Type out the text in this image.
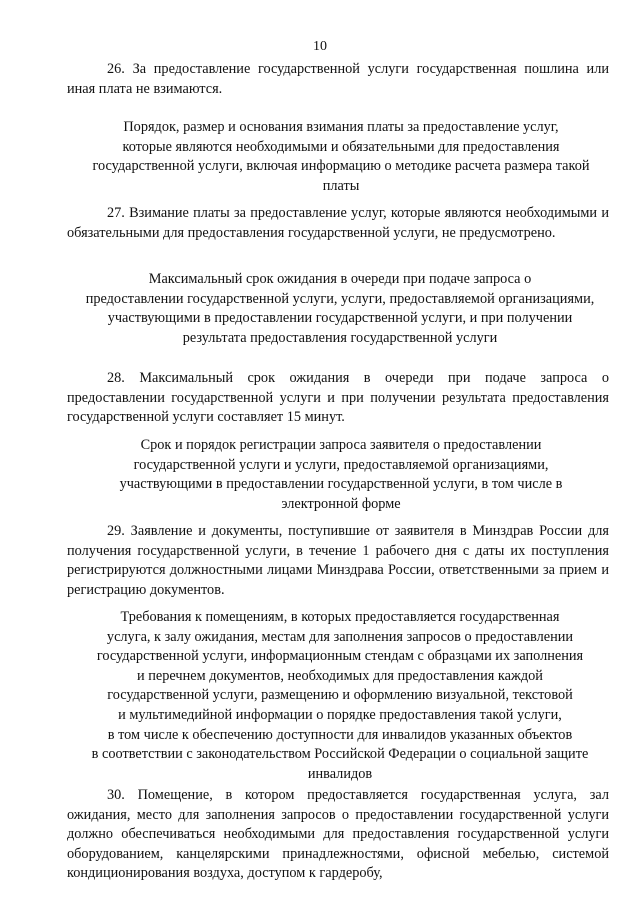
10

26. За предоставление государственной услуги государственная пошлина или иная плата не взимаются.

Порядок, размер и основания взимания платы за предоставление услуг,
которые являются необходимыми и обязательными для предоставления
государственной услуги, включая информацию о методике расчета размера такой
платы

27. Взимание платы за предоставление услуг, которые являются необходимыми и обязательными для предоставления государственной услуги, не предусмотрено.

Максимальный срок ожидания в очереди при подаче запроса о
предоставлении государственной услуги, услуги, предоставляемой организациями,
участвующими в предоставлении государственной услуги, и при получении
результата предоставления государственной услуги

28. Максимальный срок ожидания в очереди при подаче запроса о предоставлении государственной услуги и при получении результата предоставления государственной услуги составляет 15 минут.

Срок и порядок регистрации запроса заявителя о предоставлении
государственной услуги и услуги, предоставляемой организациями,
участвующими в предоставлении государственной услуги, в том числе в
электронной форме

29. Заявление и документы, поступившие от заявителя в Минздрав России для получения государственной услуги, в течение 1 рабочего дня с даты их поступления регистрируются должностными лицами Минздрава России, ответственными за прием и регистрацию документов.

Требования к помещениям, в которых предоставляется государственная
услуга, к залу ожидания, местам для заполнения запросов о предоставлении
государственной услуги, информационным стендам с образцами их заполнения
и перечнем документов, необходимых для предоставления каждой
государственной услуги, размещению и оформлению визуальной, текстовой
и мультимедийной информации о порядке предоставления такой услуги,
в том числе к обеспечению доступности для инвалидов указанных объектов
в соответствии с законодательством Российской Федерации о социальной защите
инвалидов

30. Помещение, в котором предоставляется государственная услуга, зал ожидания, место для заполнения запросов о предоставлении государственной услуги должно обеспечиваться необходимыми для предоставления государственной услуги оборудованием, канцелярскими принадлежностями, офисной мебелью, системой кондиционирования воздуха, доступом к гардеробу,
